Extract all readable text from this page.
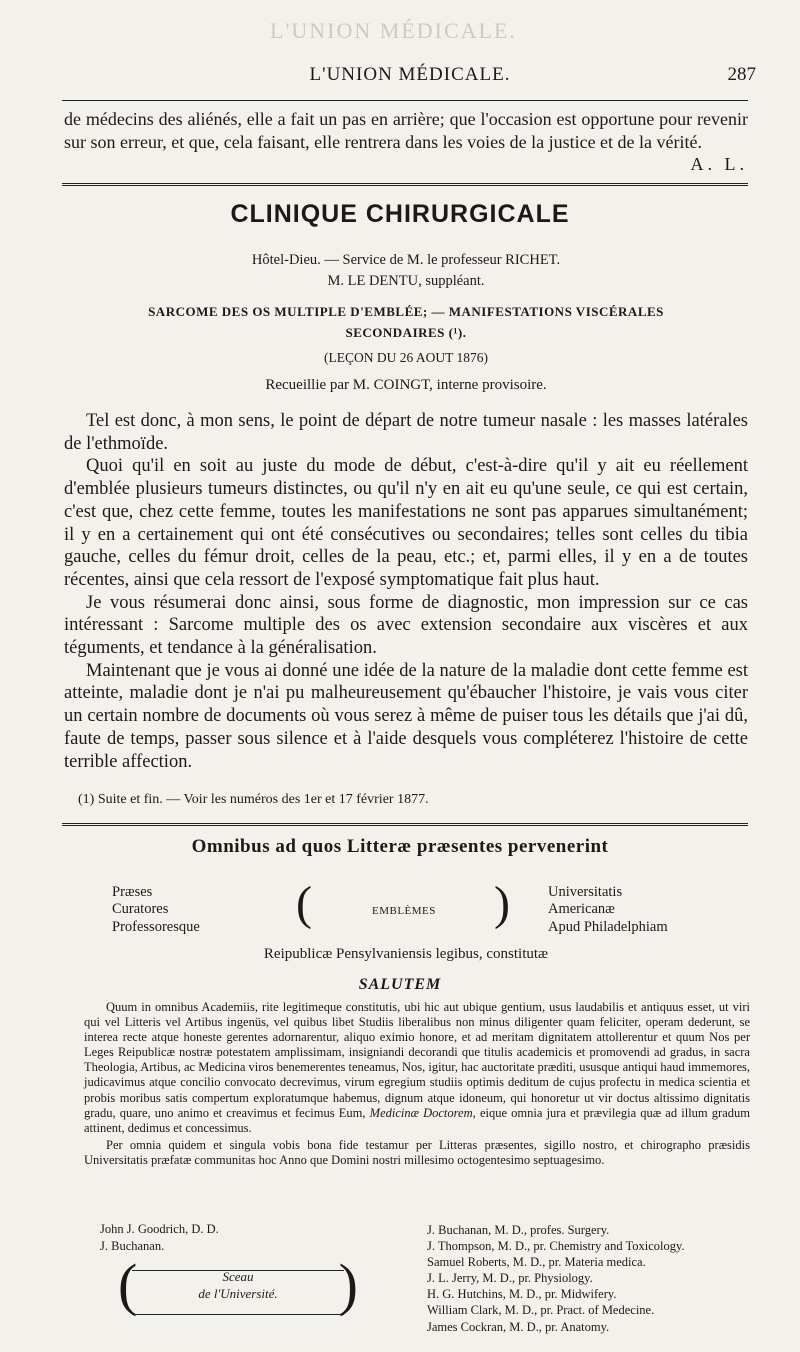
L'UNION MÉDICALE.
L'UNION MÉDICALE.	287
de médecins des aliénés, elle a fait un pas en arrière; que l'occasion est opportune pour revenir sur son erreur, et que, cela faisant, elle rentrera dans les voies de la justice et de la vérité.
A. L.
CLINIQUE CHIRURGICALE
Hôtel-Dieu. — Service de M. le professeur RICHET.
M. LE DENTU, suppléant.
SARCOME DES OS MULTIPLE D'EMBLÉE; — MANIFESTATIONS VISCÉRALES
SECONDAIRES (¹).
(LEÇON DU 26 AOUT 1876)
Recueillie par M. COINGT, interne provisoire.

Tel est donc, à mon sens, le point de départ de notre tumeur nasale : les masses latérales de l'ethmoïde.

Quoi qu'il en soit au juste du mode de début, c'est-à-dire qu'il y ait eu réellement d'emblée plusieurs tumeurs distinctes, ou qu'il n'y en ait eu qu'une seule, ce qui est certain, c'est que, chez cette femme, toutes les manifestations ne sont pas apparues simultanément; il y en a certainement qui ont été consécutives ou secondaires; telles sont celles du tibia gauche, celles du fémur droit, celles de la peau, etc.; et, parmi elles, il y en a de toutes récentes, ainsi que cela ressort de l'exposé symptomatique fait plus haut.

Je vous résumerai donc ainsi, sous forme de diagnostic, mon impression sur ce cas intéressant : Sarcome multiple des os avec extension secondaire aux viscères et aux téguments, et tendance à la généralisation.

Maintenant que je vous ai donné une idée de la nature de la maladie dont cette femme est atteinte, maladie dont je n'ai pu malheureusement qu'ébaucher l'histoire, je vais vous citer un certain nombre de documents où vous serez à même de puiser tous les détails que j'ai dû, faute de temps, passer sous silence et à l'aide desquels vous compléterez l'histoire de cette terrible affection.

(1) Suite et fin. — Voir les numéros des 1er et 17 février 1877.
Omnibus ad quos Litteræ præsentes pervenerint
Præses
Curatores
Professoresque (	EMBLÈMES )	Universitatis
Americanæ
Apud Philadelphiam
Reipublicæ Pensylvaniensis legibus, constitutæ
SALUTEM

Quum in omnibus Academiis, rite legitimeque constitutis, ubi hic aut ubique gentium, usus laudabilis et antiquus esset, ut viri qui vel Litteris vel Artibus ingenüs, vel quibus libet Studiis liberalibus non minus diligenter quam feliciter, operam dederunt, se interea recte atque honeste gerentes adornarentur, aliquo eximio honore, et ad meritam dignitatem attollerentur et quum Nos per Leges Reipublicæ nostræ potestatem amplissimam, insigniandi decorandi que titulis academicis et promovendi ad gradus, in sacra Theologia, Artibus, ac Medicina viros benemerentes teneamus, Nos, igitur, hac auctoritate prædìti, ususque antiqui haud immemores, judicavimus atque concilio convocato decrevimus, virum egregium studiis optimis deditum de cujus profectu in medica scientia et probis moribus satis compertum exploratumque habemus, dignum atque idoneum, qui honoretur ut vir doctus altissimo dignitatis gradu, quare, uno animo et creavimus et fecimus Eum, Medicinæ Doctorem, eique omnia jura et prævilegia quæ ad illum gradum attinent, dedimus et concessimus.

Per omnia quidem et singula vobis bona fide testamur per Litteras præsentes, sigillo nostro, et chirographo præsidis Universitatis præfatæ communitas hoc Anno que Domini nostri millesimo octogentesimo septuagesimo.

John J. Goodrich, D. D.
J. Buchanan.
J. Buchanan, M. D., profes. Surgery.
J. Thompson, M. D., pr. Chemistry and Toxicology.
Samuel Roberts, M. D., pr. Materia medica.
J. L. Jerry, M. D., pr. Physiology.
H. G. Hutchins, M. D., pr. Midwifery.
William Clark, M. D., pr. Pract. of Medecine.
James Cockran, M. D., pr. Anatomy.
(	Sceau
de l'Université.	)
